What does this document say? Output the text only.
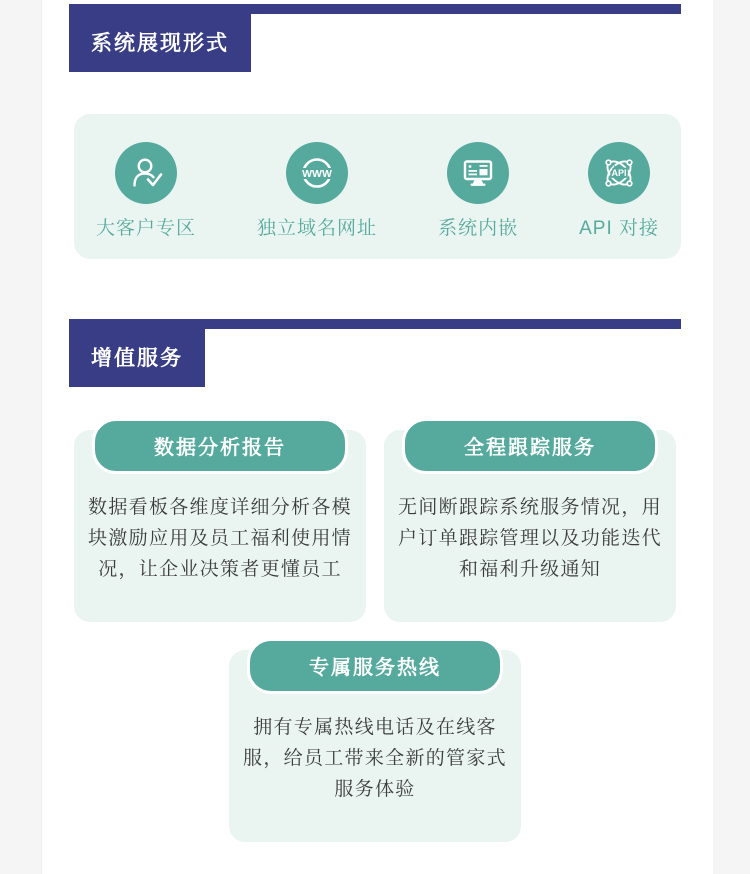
系统展现形式
大客户专区
WWW
独立域名网址	系统内嵌
API
API 对接
增值服务
数据分析报告
数据看板各维度详细分析各模
块激励应用及员工福利使用情
况，让企业决策者更懂员工
全程跟踪服务
无间断跟踪系统服务情况，用
户订单跟踪管理以及功能迭代
和福利升级通知
专属服务热线
拥有专属热线电话及在线客
服，给员工带来全新的管家式
服务体验
